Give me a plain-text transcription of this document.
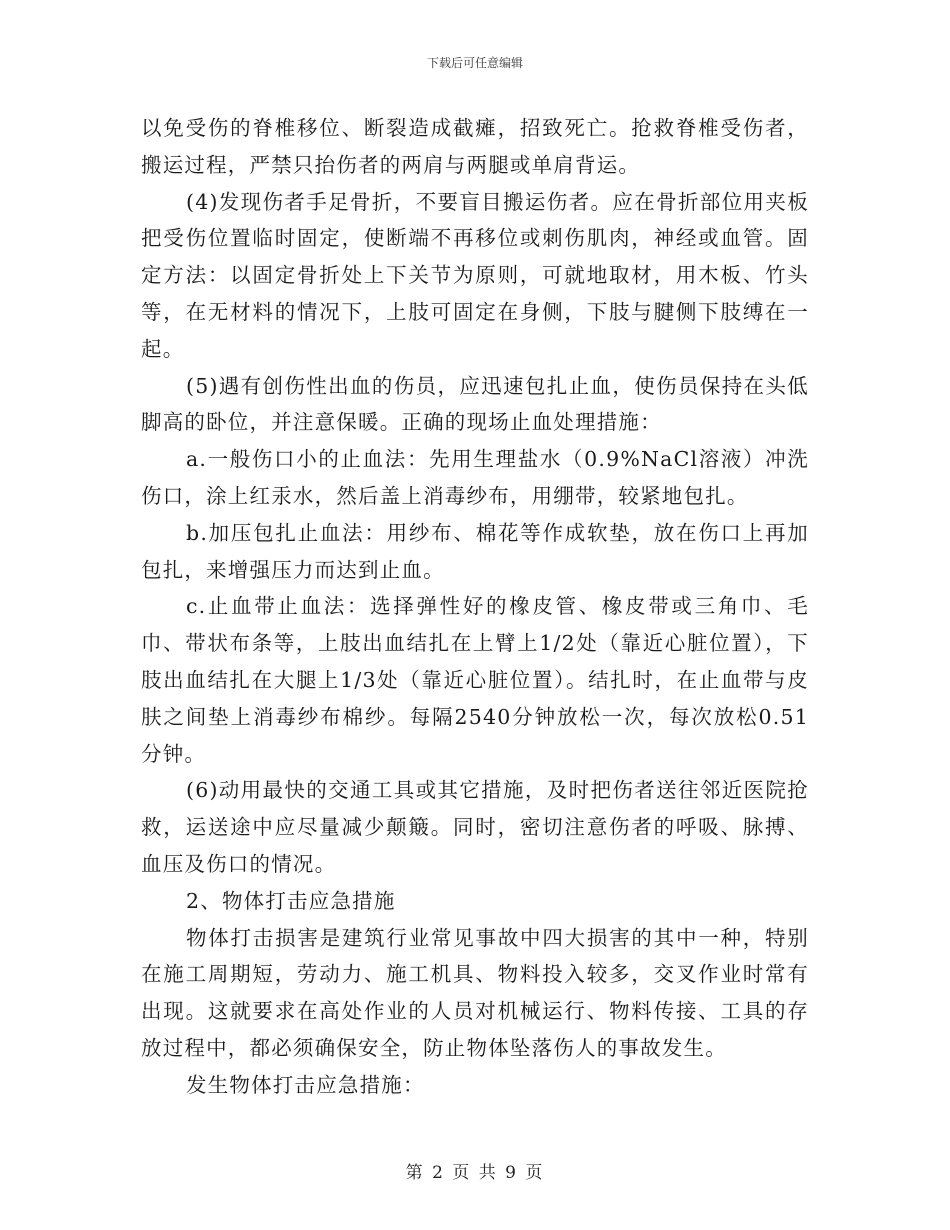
下载后可任意编辑

以免受伤的脊椎移位、断裂造成截瘫，招致死亡。抢救脊椎受伤者，搬运过程，严禁只抬伤者的两肩与两腿或单肩背运。

(4)发现伤者手足骨折，不要盲目搬运伤者。应在骨折部位用夹板把受伤位置临时固定，使断端不再移位或刺伤肌肉，神经或血管。固定方法：以固定骨折处上下关节为原则，可就地取材，用木板、竹头等，在无材料的情况下，上肢可固定在身侧，下肢与腱侧下肢缚在一起。

(5)遇有创伤性出血的伤员，应迅速包扎止血，使伤员保持在头低脚高的卧位，并注意保暖。正确的现场止血处理措施：

a.一般伤口小的止血法：先用生理盐水（0.9%NaCl溶液）冲洗伤口，涂上红汞水，然后盖上消毒纱布，用绷带，较紧地包扎。

b.加压包扎止血法：用纱布、棉花等作成软垫，放在伤口上再加包扎，来增强压力而达到止血。

c.止血带止血法：选择弹性好的橡皮管、橡皮带或三角巾、毛巾、带状布条等，上肢出血结扎在上臂上1/2处（靠近心脏位置），下肢出血结扎在大腿上1/3处（靠近心脏位置）。结扎时，在止血带与皮肤之间垫上消毒纱布棉纱。每隔2540分钟放松一次，每次放松0.51分钟。

(6)动用最快的交通工具或其它措施，及时把伤者送往邻近医院抢救，运送途中应尽量减少颠簸。同时，密切注意伤者的呼吸、脉搏、血压及伤口的情况。

2、物体打击应急措施

物体打击损害是建筑行业常见事故中四大损害的其中一种，特别在施工周期短，劳动力、施工机具、物料投入较多，交叉作业时常有出现。这就要求在高处作业的人员对机械运行、物料传接、工具的存放过程中，都必须确保安全，防止物体坠落伤人的事故发生。

发生物体打击应急措施：

第 2 页 共 9 页
